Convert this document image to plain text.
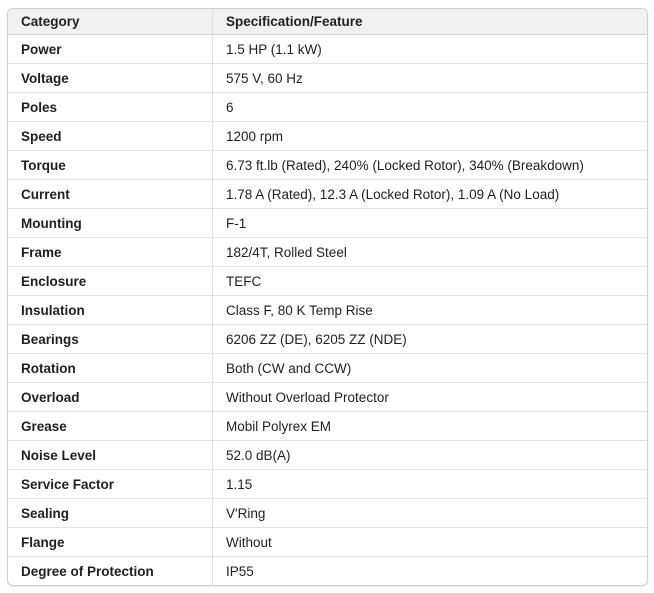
Category	Specification/Feature
Power	1.5 HP (1.1 kW)
Voltage	575 V, 60 Hz
Poles	6
Speed	1200 rpm
Torque	6.73 ft.lb (Rated), 240% (Locked Rotor), 340% (Breakdown)
Current	1.78 A (Rated), 12.3 A (Locked Rotor), 1.09 A (No Load)
Mounting	F-1
Frame	182/4T, Rolled Steel
Enclosure	TEFC
Insulation	Class F, 80 K Temp Rise
Bearings	6206 ZZ (DE), 6205 ZZ (NDE)
Rotation	Both (CW and CCW)
Overload	Without Overload Protector
Grease	Mobil Polyrex EM
Noise Level	52.0 dB(A)
Service Factor	1.15
Sealing	V'Ring
Flange	Without
Degree of Protection	IP55
